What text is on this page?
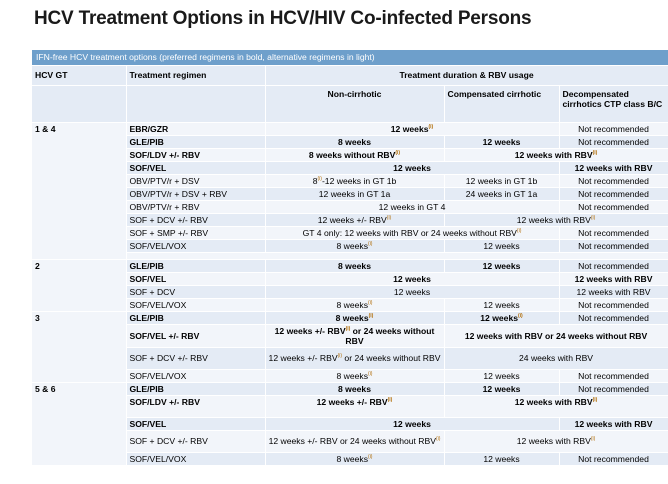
HCV Treatment Options in HCV/HIV Co-infected Persons
IFN-free HCV treatment options (preferred regimens in bold, alternative regimens in light)				
HCV GT	Treatment regimen	Treatment duration & RBV usage		
		Non-cirrhotic	Compensated cirrhotic	Decompensated cirrhotics CTP class B/C
1 & 4	EBR/GZR	12 weeks$^{(i)}$		Not recommended
	GLE/PIB	8 weeks	12 weeks	Not recommended
	SOF/LDV +/- RBV	8 weeks without RBV$^{(i)}$	12 weeks with RBV$^{(i)}$
	SOF/VEL	12 weeks		12 weeks with RBV
	OBV/PTV/r + DSV	8$^{(i)}$-12 weeks in GT 1b	12 weeks in GT 1b	Not recommended
	OBV/PTV/r + DSV + RBV	12 weeks in GT 1a	24 weeks in GT 1a	Not recommended
	OBV/PTV/r + RBV	12 weeks in GT 4		Not recommended
	SOF + DCV +/- RBV	12 weeks +/- RBV$^{(i)}$	12 weeks with RBV$^{(i)}$
	SOF + SMP +/- RBV	GT 4 only: 12 weeks with RBV or 24 weeks without RBV$^{(i)}$		Not recommended
	SOF/VEL/VOX	8 weeks$^{(i)}$	12 weeks	Not recommended

2	GLE/PIB	8 weeks	12 weeks	Not recommended
	SOF/VEL	12 weeks		12 weeks with RBV
	SOF + DCV	12 weeks		12 weeks with RBV
	SOF/VEL/VOX	8 weeks$^{(i)}$	12 weeks	Not recommended
3	GLE/PIB	8 weeks$^{(i)}$	12 weeks$^{(i)}$	Not recommended
	SOF/VEL +/- RBV	12 weeks +/- RBV$^{(i)}$ or 24 weeks without RBV	12 weeks with RBV or 24 weeks without RBV	
	SOF + DCV +/- RBV	12 weeks +/- RBV$^{(i)}$ or 24 weeks without RBV	24 weeks with RBV	
	SOF/VEL/VOX	8 weeks$^{(i)}$	12 weeks	Not recommended
5 & 6	GLE/PIB	8 weeks	12 weeks	Not recommended
	SOF/LDV +/- RBV	12 weeks +/- RBV$^{(i)}$	12 weeks with RBV$^{(i)}$
	SOF/VEL	12 weeks		12 weeks with RBV
	SOF + DCV +/- RBV	12 weeks +/- RBV or 24 weeks without RBV$^{(i)}$	12 weeks with RBV$^{(i)}$
	SOF/VEL/VOX	8 weeks$^{(i)}$	12 weeks	Not recommended
